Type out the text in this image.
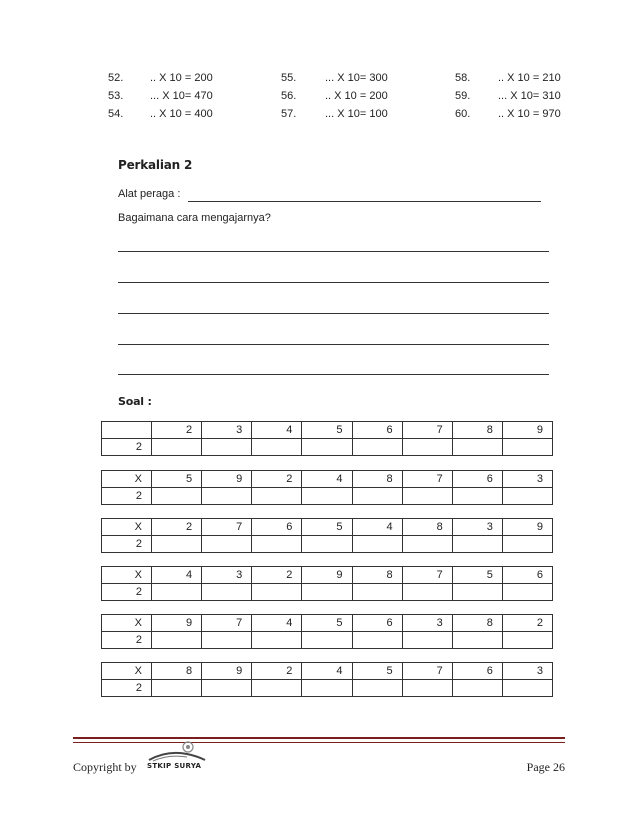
52. .. X 10 = 200	55.	... X 10= 300	58.	.. X 10 = 210
53. ... X 10= 470	56.	.. X 10 = 200	59.	... X 10= 310
54. .. X 10 = 400	57.	... X 10= 100	60.	.. X 10 = 970
Perkalian 2
Alat peraga :
Bagaimana cara mengajarnya?
Soal :
	2	3	4	5	6	7	8	9
2								
X	5	9	2	4	8	7	6	3
2								
X	2	7	6	5	4	8	3	9
2								
X	4	3	2	9	8	7	5	6
2								
X	9	7	4	5	6	3	8	2
2								
X	8	9	2	4	5	7	6	3
2								
Copyright by STKIP SURYA	Page 26
